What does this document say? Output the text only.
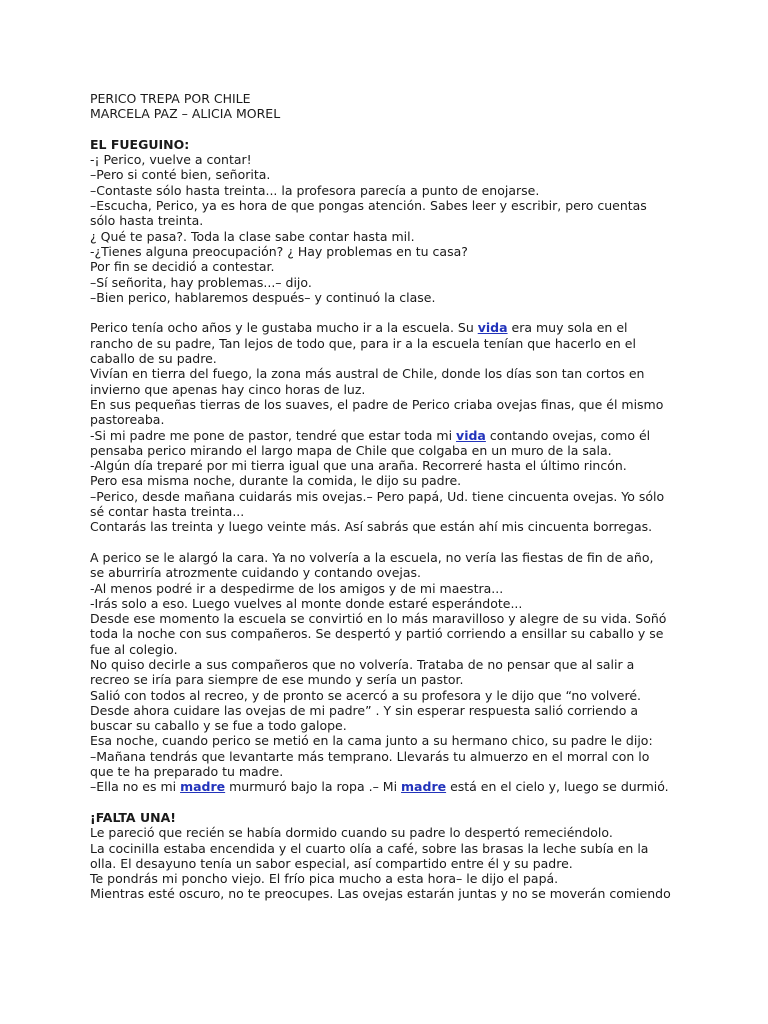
PERICO TREPA POR CHILE
MARCELA PAZ – ALICIA MOREL
EL FUEGUINO:
-¡ Perico, vuelve a contar!
–Pero si conté bien, señorita.
–Contaste sólo hasta treinta... la profesora parecía a punto de enojarse.
–Escucha, Perico, ya es hora de que pongas atención. Sabes leer y escribir, pero cuentas
sólo hasta treinta.
¿ Qué te pasa?. Toda la clase sabe contar hasta mil.
-¿Tienes alguna preocupación? ¿ Hay problemas en tu casa?
Por fin se decidió a contestar.
–Sí señorita, hay problemas...– dijo.
–Bien perico, hablaremos después– y continuó la clase.
Perico tenía ocho años y le gustaba mucho ir a la escuela. Su vida era muy sola en el
rancho de su padre, Tan lejos de todo que, para ir a la escuela tenían que hacerlo en el
caballo de su padre.
Vivían en tierra del fuego, la zona más austral de Chile, donde los días son tan cortos en
invierno que apenas hay cinco horas de luz.
En sus pequeñas tierras de los suaves, el padre de Perico criaba ovejas finas, que él mismo
pastoreaba.
-Si mi padre me pone de pastor, tendré que estar toda mi vida contando ovejas, como él
pensaba perico mirando el largo mapa de Chile que colgaba en un muro de la sala.
-Algún día treparé por mi tierra igual que una araña. Recorreré hasta el último rincón.
Pero esa misma noche, durante la comida, le dijo su padre.
–Perico, desde mañana cuidarás mis ovejas.– Pero papá, Ud. tiene cincuenta ovejas. Yo sólo
sé contar hasta treinta...
Contarás las treinta y luego veinte más. Así sabrás que están ahí mis cincuenta borregas.
A perico se le alargó la cara. Ya no volvería a la escuela, no vería las fiestas de fin de año,
se aburriría atrozmente cuidando y contando ovejas.
-Al menos podré ir a despedirme de los amigos y de mi maestra...
-Irás solo a eso. Luego vuelves al monte donde estaré esperándote...
Desde ese momento la escuela se convirtió en lo más maravilloso y alegre de su vida. Soñó
toda la noche con sus compañeros. Se despertó y partió corriendo a ensillar su caballo y se
fue al colegio.
No quiso decirle a sus compañeros que no volvería. Trataba de no pensar que al salir a
recreo se iría para siempre de ese mundo y sería un pastor.
Salió con todos al recreo, y de pronto se acercó a su profesora y le dijo que “no volveré.
Desde ahora cuidare las ovejas de mi padre” . Y sin esperar respuesta salió corriendo a
buscar su caballo y se fue a todo galope.
Esa noche, cuando perico se metió en la cama junto a su hermano chico, su padre le dijo:
–Mañana tendrás que levantarte más temprano. Llevarás tu almuerzo en el morral con lo
que te ha preparado tu madre.
–Ella no es mi madre murmuró bajo la ropa .– Mi madre está en el cielo y, luego se durmió.
¡FALTA UNA!
Le pareció que recién se había dormido cuando su padre lo despertó remeciéndolo.
La cocinilla estaba encendida y el cuarto olía a café, sobre las brasas la leche subía en la
olla. El desayuno tenía un sabor especial, así compartido entre él y su padre.
Te pondrás mi poncho viejo. El frío pica mucho a esta hora– le dijo el papá.
Mientras esté oscuro, no te preocupes. Las ovejas estarán juntas y no se moverán comiendo
